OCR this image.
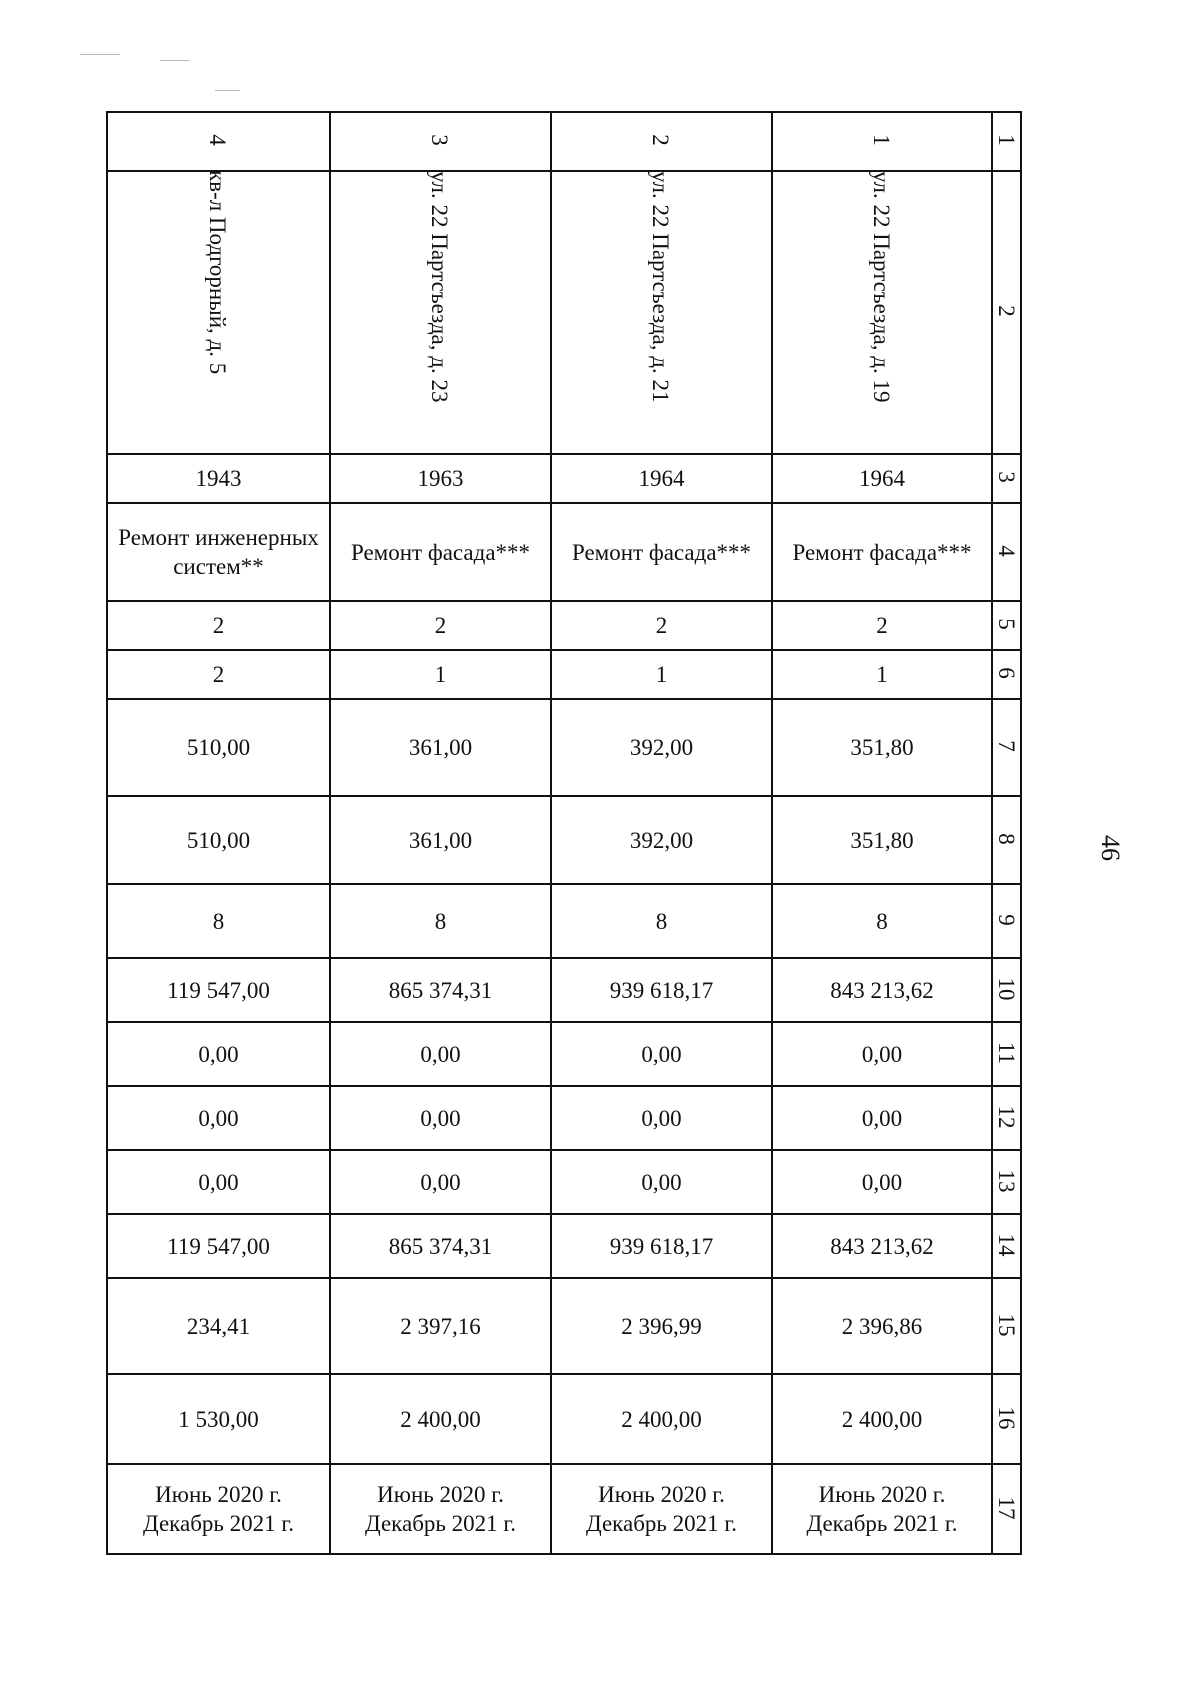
1
2
3
4
5
6
7
8
9
10
11
12
13
14
15
16
17
1
ул. 22 Партсъезда, д. 19
1964
Ремонт фасада***
2
1
351,80
351,80
8
843 213,62
0,00
0,00
0,00
843 213,62
2 396,86
2 400,00
Июнь 2020 г.
Декабрь 2021 г.
2
ул. 22 Партсъезда, д. 21
1964
Ремонт фасада***
2
1
392,00
392,00
8
939 618,17
0,00
0,00
0,00
939 618,17
2 396,99
2 400,00
Июнь 2020 г.
Декабрь 2021 г.
3
ул. 22 Партсъезда, д. 23
1963
Ремонт фасада***
2
1
361,00
361,00
8
865 374,31
0,00
0,00
0,00
865 374,31
2 397,16
2 400,00
Июнь 2020 г.
Декабрь 2021 г.
4
кв-л Подгорный, д. 5
1943
Ремонт инженерных систем**
2
2
510,00
510,00
8
119 547,00
0,00
0,00
0,00
119 547,00
234,41
1 530,00
Июнь 2020 г.
Декабрь 2021 г.
46
